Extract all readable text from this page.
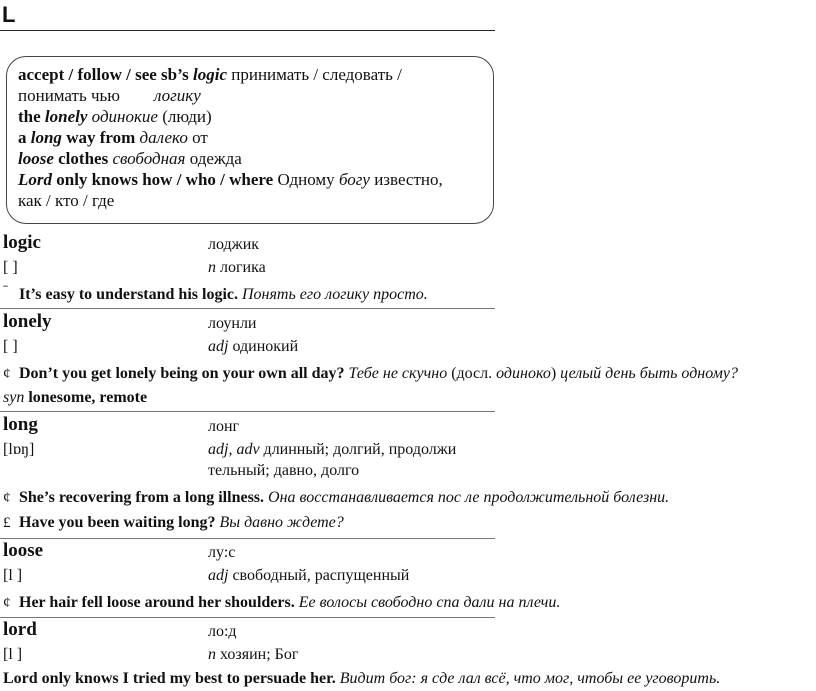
L
accept / follow / see sb’s logic принимать / следовать /
понимать чью        логику
the lonely одинокие (люди)
a long way from далеко от
loose clothes свободная одежда
Lord only knows how / who / where Одному богу известно,
как / кто / где
logic	лоджик
[ ]	n логика
ˉ It’s easy to understand his logic. Понять его логику просто.
lonely	лоунли
[ ]	adj одинокий
¢ Don’t you get lonely being on your own all day? Тебе не скучно (досл. одиноко) целый день быть одному?
syn lonesome, remote
long	лонг
[lɒŋ]	adj, adv длинный; долгий, продолжи
тельный; давно, долго
¢ She’s recovering from a long illness. Она восстанавливается пос ле продолжительной болезни.
£ Have you been waiting long? Вы давно ждете?
loose	лу:с
[l ]	adj свободный, распущенный
¢ Her hair fell loose around her shoulders. Ее волосы свободно спа дали на плечи.
lord	ло:д
[l ]	n хозяин; Бог
Lord only knows I tried my best to persuade her. Видит бог: я сде лал всё, что мог, чтобы ее уговорить.
